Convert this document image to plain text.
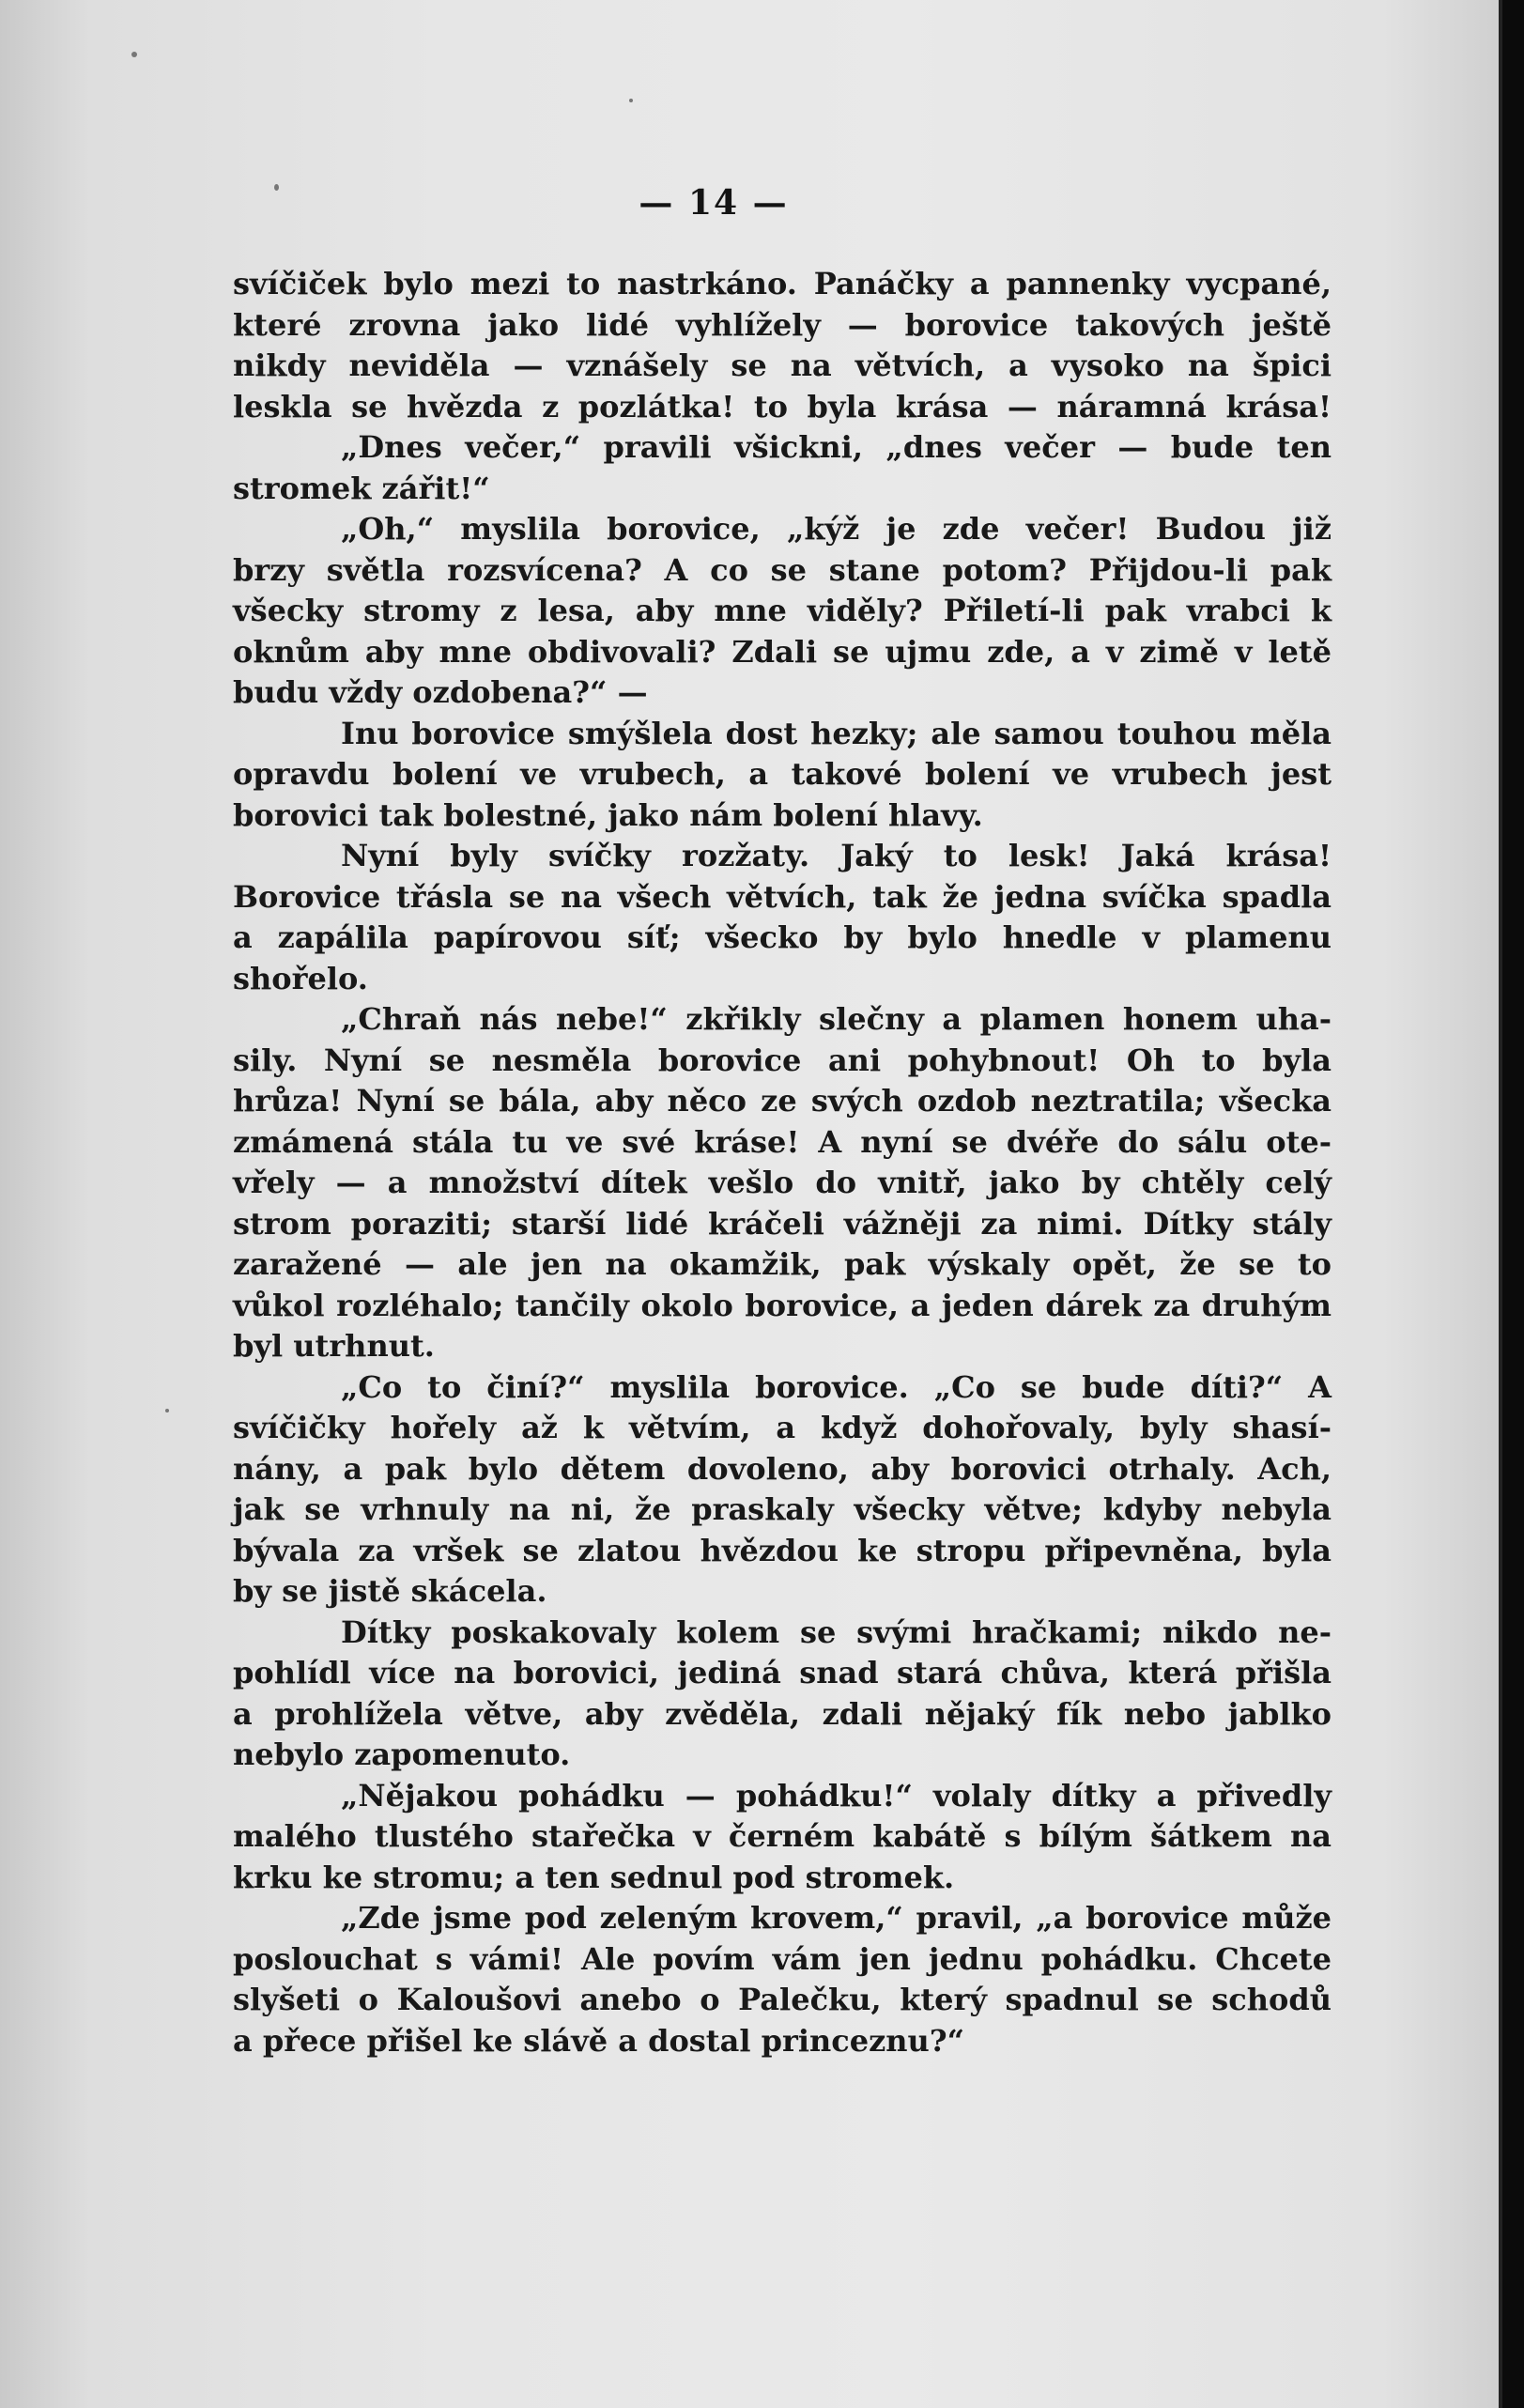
— 14 —
svíčiček bylo mezi to nastrkáno. Panáčky a pannenky vycpané,
které zrovna jako lidé vyhlížely — borovice takových ještě
nikdy neviděla — vznášely se na větvích, a vysoko na špici
leskla se hvězda z pozlátka! to byla krása — náramná krása!
„Dnes večer,“ pravili všickni, „dnes večer — bude ten
stromek zářit!“
„Oh,“ myslila borovice, „kýž je zde večer! Budou již
brzy světla rozsvícena? A co se stane potom? Přijdou-li pak
všecky stromy z lesa, aby mne viděly? Přiletí-li pak vrabci k
oknům aby mne obdivovali? Zdali se ujmu zde, a v zimě v letě
budu vždy ozdobena?“ —
Inu borovice smýšlela dost hezky; ale samou touhou měla
opravdu bolení ve vrubech, a takové bolení ve vrubech jest
borovici tak bolestné, jako nám bolení hlavy.
Nyní byly svíčky rozžaty. Jaký to lesk! Jaká krása!
Borovice třásla se na všech větvích, tak že jedna svíčka spadla
a zapálila papírovou síť; všecko by bylo hnedle v plamenu
shořelo.
„Chraň nás nebe!“ zkřikly slečny a plamen honem uha-
sily. Nyní se nesměla borovice ani pohybnout! Oh to byla
hrůza! Nyní se bála, aby něco ze svých ozdob neztratila; všecka
zmámená stála tu ve své kráse! A nyní se dvéře do sálu ote-
vřely — a množství dítek vešlo do vnitř, jako by chtěly celý
strom poraziti; starší lidé kráčeli vážněji za nimi. Dítky stály
zaražené — ale jen na okamžik, pak výskaly opět, že se to
vůkol rozléhalo; tančily okolo borovice, a jeden dárek za druhým
byl utrhnut.
„Co to činí?“ myslila borovice. „Co se bude díti?“ A
svíčičky hořely až k větvím, a když dohořovaly, byly shasí-
nány, a pak bylo dětem dovoleno, aby borovici otrhaly. Ach,
jak se vrhnuly na ni, že praskaly všecky větve; kdyby nebyla
bývala za vršek se zlatou hvězdou ke stropu připevněna, byla
by se jistě skácela.
Dítky poskakovaly kolem se svými hračkami; nikdo ne-
pohlídl více na borovici, jediná snad stará chůva, která přišla
a prohlížela větve, aby zvěděla, zdali nějaký fík nebo jablko
nebylo zapomenuto.
„Nějakou pohádku — pohádku!“ volaly dítky a přivedly
malého tlustého stařečka v černém kabátě s bílým šátkem na
krku ke stromu; a ten sednul pod stromek.
„Zde jsme pod zeleným krovem,“ pravil, „a borovice může
poslouchat s vámi! Ale povím vám jen jednu pohádku. Chcete
slyšeti o Kaloušovi anebo o Palečku, který spadnul se schodů
a přece přišel ke slávě a dostal princeznu?“
